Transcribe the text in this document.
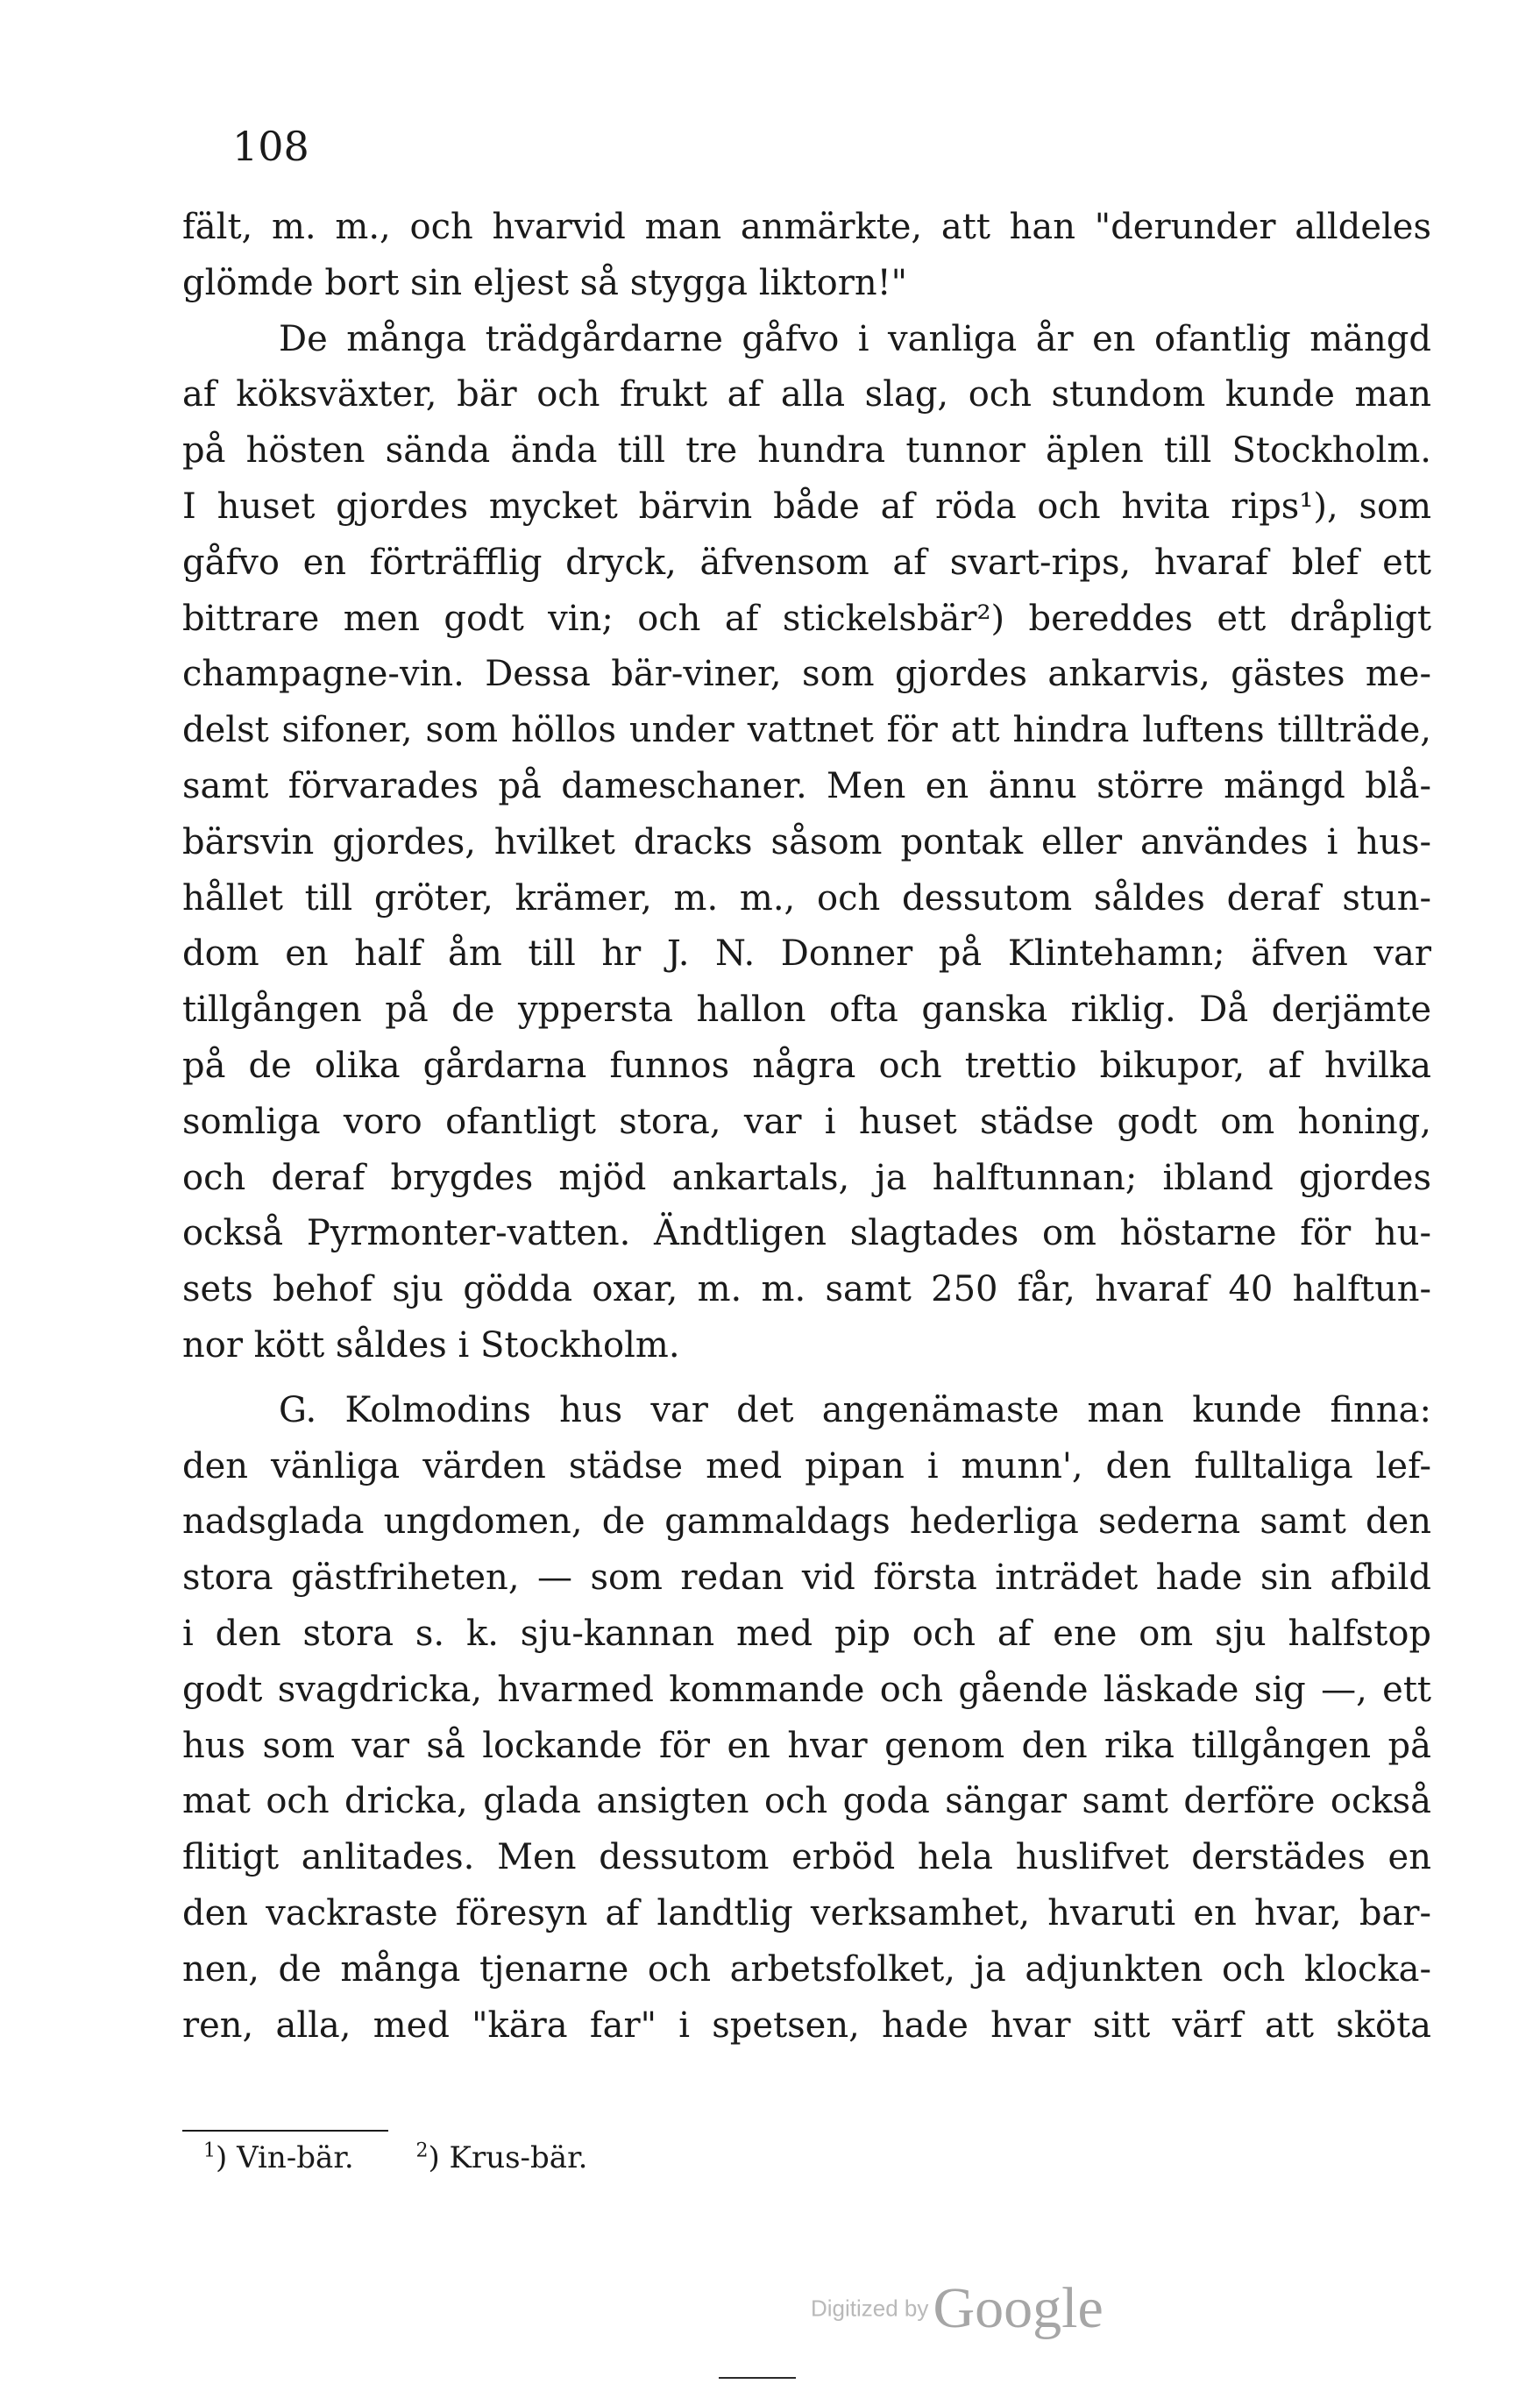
108
fält, m. m., och hvarvid man anmärkte, att han "derunder alldeles
glömde bort sin eljest så stygga liktorn!"
De många trädgårdarne gåfvo i vanliga år en ofantlig mängd
af köksväxter, bär och frukt af alla slag, och stundom kunde man
på hösten sända ända till tre hundra tunnor äplen till Stockholm.
I huset gjordes mycket bärvin både af röda och hvita rips¹), som
gåfvo en förträfflig dryck, äfvensom af svart-rips, hvaraf blef ett
bittrare men godt vin; och af stickelsbär²) bereddes ett dråpligt
champagne-vin. Dessa bär-viner, som gjordes ankarvis, gästes me-
delst sifoner, som höllos under vattnet för att hindra luftens tillträde,
samt förvarades på dameschaner. Men en ännu större mängd blå-
bärsvin gjordes, hvilket dracks såsom pontak eller användes i hus-
hållet till gröter, krämer, m. m., och dessutom såldes deraf stun-
dom en half åm till hr J. N. Donner på Klintehamn; äfven var
tillgången på de yppersta hallon ofta ganska riklig. Då derjämte
på de olika gårdarna funnos några och trettio bikupor, af hvilka
somliga voro ofantligt stora, var i huset städse godt om honing,
och deraf brygdes mjöd ankartals, ja halftunnan; ibland gjordes
också Pyrmonter-vatten. Ändtligen slagtades om höstarne för hu-
sets behof sju gödda oxar, m. m. samt 250 får, hvaraf 40 halftun-
nor kött såldes i Stockholm.
G. Kolmodins hus var det angenämaste man kunde finna:
den vänliga värden städse med pipan i munn', den fulltaliga lef-
nadsglada ungdomen, de gammaldags hederliga sederna samt den
stora gästfriheten, — som redan vid första inträdet hade sin afbild
i den stora s. k. sju-kannan med pip och af ene om sju halfstop
godt svagdricka, hvarmed kommande och gående läskade sig —, ett
hus som var så lockande för en hvar genom den rika tillgången på
mat och dricka, glada ansigten och goda sängar samt derföre också
flitigt anlitades. Men dessutom erböd hela huslifvet derstädes en
den vackraste föresyn af landtlig verksamhet, hvaruti en hvar, bar-
nen, de många tjenarne och arbetsfolket, ja adjunkten och klocka-
ren, alla, med "kära far" i spetsen, hade hvar sitt värf att sköta
$^1$) Vin-bär.	$^2$) Krus-bär.
Digitized by Google
